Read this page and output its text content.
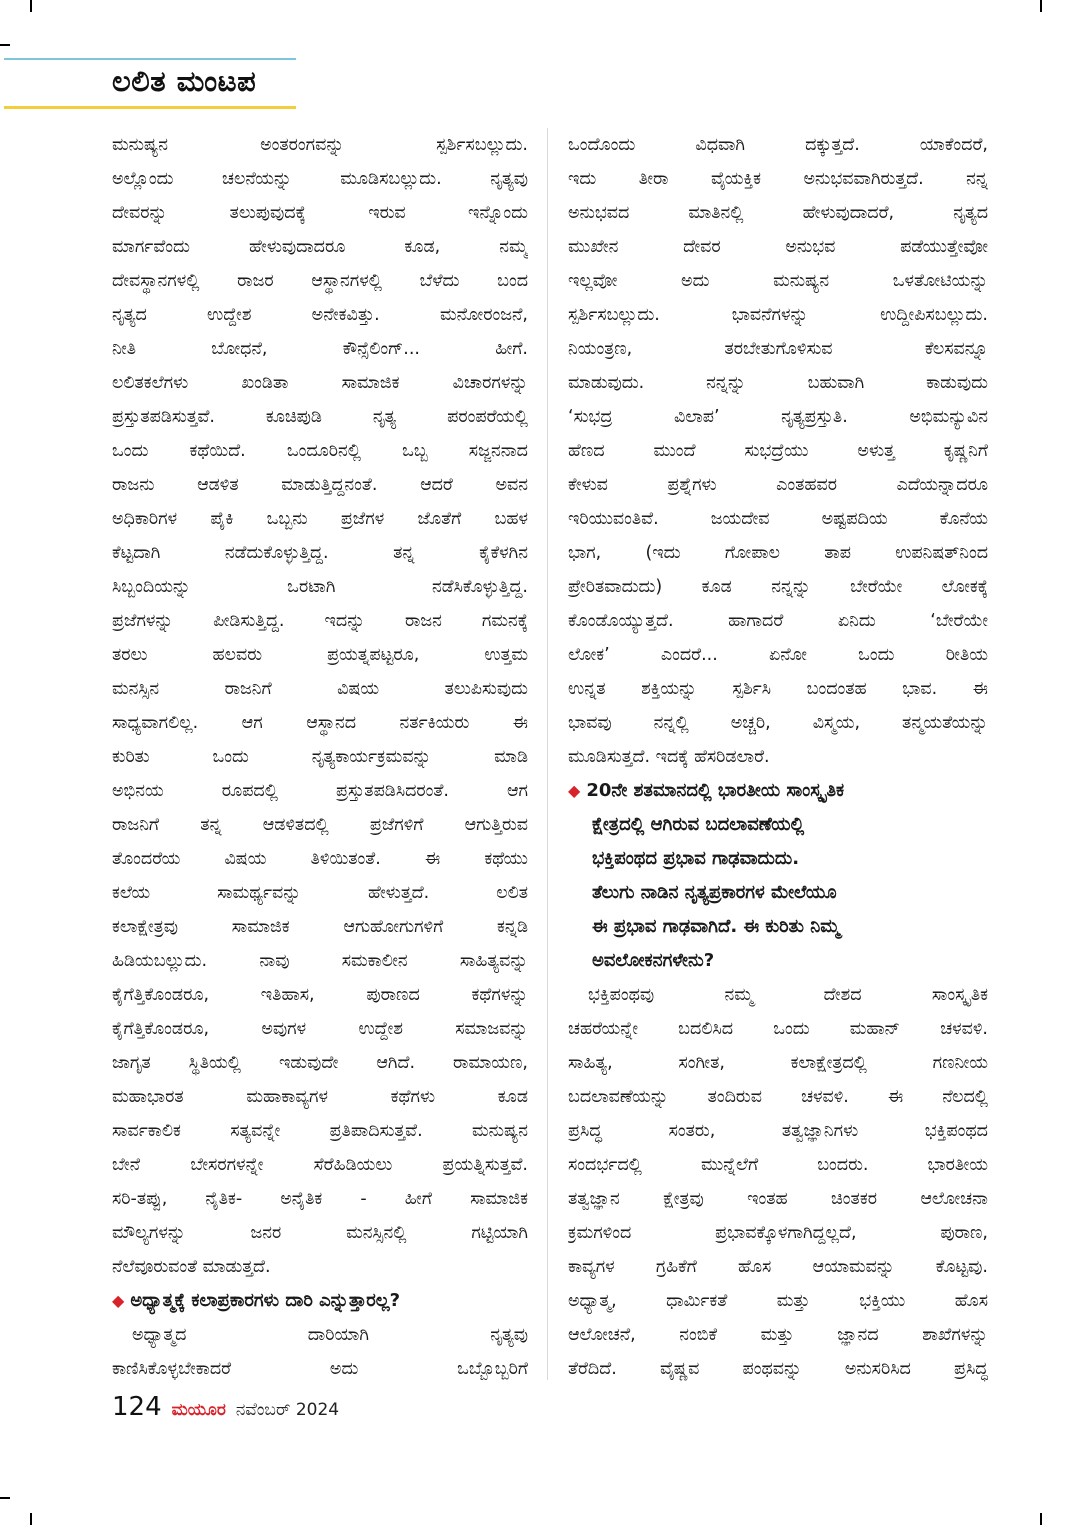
ಲಲಿತ ಮಂಟಪ

ಮನುಷ್ಯನ ಅಂತರಂಗವನ್ನು ಸ್ಪರ್ಶಿಸಬಲ್ಲುದು.

ಅಲ್ಲೊಂದು ಚಲನೆಯನ್ನು ಮೂಡಿಸಬಲ್ಲುದು. ನೃತ್ಯವು

ದೇವರನ್ನು ತಲುಪುವುದಕ್ಕೆ ಇರುವ ಇನ್ನೊಂದು

ಮಾರ್ಗವೆಂದು ಹೇಳುವುದಾದರೂ ಕೂಡ, ನಮ್ಮ

ದೇವಸ್ಥಾನಗಳಲ್ಲಿ ರಾಜರ ಆಸ್ಥಾನಗಳಲ್ಲಿ ಬೆಳೆದು ಬಂದ

ನೃತ್ಯದ ಉದ್ದೇಶ ಅನೇಕವಿತ್ತು. ಮನೋರಂಜನೆ,

ನೀತಿ ಬೋಧನೆ, ಕೌನ್ಸೆಲಿಂಗ್... ಹೀಗೆ.

ಲಲಿತಕಲೆಗಳು ಖಂಡಿತಾ ಸಾಮಾಜಿಕ ವಿಚಾರಗಳನ್ನು

ಪ್ರಸ್ತುತಪಡಿಸುತ್ತವೆ. ಕೂಚಿಪುಡಿ ನೃತ್ಯ ಪರಂಪರೆಯಲ್ಲಿ

ಒಂದು ಕಥೆಯಿದೆ. ಒಂದೂರಿನಲ್ಲಿ ಒಬ್ಬ ಸಜ್ಜನನಾದ

ರಾಜನು ಆಡಳಿತ ಮಾಡುತ್ತಿದ್ದನಂತೆ. ಆದರೆ ಅವನ

ಅಧಿಕಾರಿಗಳ ಪೈಕಿ ಒಬ್ಬನು ಪ್ರಜೆಗಳ ಜೊತೆಗೆ ಬಹಳ

ಕೆಟ್ಟದಾಗಿ ನಡೆದುಕೊಳ್ಳುತ್ತಿದ್ದ. ತನ್ನ ಕೈಕೆಳಗಿನ

ಸಿಬ್ಬಂದಿಯನ್ನು ಒರಟಾಗಿ ನಡೆಸಿಕೊಳ್ಳುತ್ತಿದ್ದ.

ಪ್ರಜೆಗಳನ್ನು ಪೀಡಿಸುತ್ತಿದ್ದ. ಇದನ್ನು ರಾಜನ ಗಮನಕ್ಕೆ

ತರಲು ಹಲವರು ಪ್ರಯತ್ನಪಟ್ಟರೂ, ಉತ್ತಮ

ಮನಸ್ಸಿನ ರಾಜನಿಗೆ ವಿಷಯ ತಲುಪಿಸುವುದು

ಸಾಧ್ಯವಾಗಲಿಲ್ಲ. ಆಗ ಆಸ್ಥಾನದ ನರ್ತಕಿಯರು ಈ

ಕುರಿತು ಒಂದು ನೃತ್ಯಕಾರ್ಯಕ್ರಮವನ್ನು ಮಾಡಿ

ಅಭಿನಯ ರೂಪದಲ್ಲಿ ಪ್ರಸ್ತುತಪಡಿಸಿದರಂತೆ. ಆಗ

ರಾಜನಿಗೆ ತನ್ನ ಆಡಳಿತದಲ್ಲಿ ಪ್ರಜೆಗಳಿಗೆ ಆಗುತ್ತಿರುವ

ತೊಂದರೆಯ ವಿಷಯ ತಿಳಿಯಿತಂತೆ. ಈ ಕಥೆಯು

ಕಲೆಯ ಸಾಮರ್ಥ್ಯವನ್ನು ಹೇಳುತ್ತದೆ. ಲಲಿತ

ಕಲಾಕ್ಷೇತ್ರವು ಸಾಮಾಜಿಕ ಆಗುಹೋಗುಗಳಿಗೆ ಕನ್ನಡಿ

ಹಿಡಿಯಬಲ್ಲುದು. ನಾವು ಸಮಕಾಲೀನ ಸಾಹಿತ್ಯವನ್ನು

ಕೈಗೆತ್ತಿಕೊಂಡರೂ, ಇತಿಹಾಸ, ಪುರಾಣದ ಕಥೆಗಳನ್ನು

ಕೈಗೆತ್ತಿಕೊಂಡರೂ, ಅವುಗಳ ಉದ್ದೇಶ ಸಮಾಜವನ್ನು

ಜಾಗೃತ ಸ್ಥಿತಿಯಲ್ಲಿ ಇಡುವುದೇ ಆಗಿದೆ. ರಾಮಾಯಣ,

ಮಹಾಭಾರತ ಮಹಾಕಾವ್ಯಗಳ ಕಥೆಗಳು ಕೂಡ

ಸಾರ್ವಕಾಲಿಕ ಸತ್ಯವನ್ನೇ ಪ್ರತಿಪಾದಿಸುತ್ತವೆ. ಮನುಷ್ಯನ

ಬೇನೆ ಬೇಸರಗಳನ್ನೇ ಸೆರೆಹಿಡಿಯಲು ಪ್ರಯತ್ನಿಸುತ್ತವೆ.

ಸರಿ-ತಪ್ಪು, ನೈತಿಕ- ಅನೈತಿಕ - ಹೀಗೆ ಸಾಮಾಜಿಕ

ಮೌಲ್ಯಗಳನ್ನು ಜನರ ಮನಸ್ಸಿನಲ್ಲಿ ಗಟ್ಟಿಯಾಗಿ

ನೆಲೆವೂರುವಂತೆ ಮಾಡುತ್ತದೆ.

◆ ಅಧ್ಯಾತ್ಮಕ್ಕೆ ಕಲಾಪ್ರಕಾರಗಳು ದಾರಿ ಎನ್ನುತ್ತಾರಲ್ಲ?

ಅಧ್ಯಾತ್ಮದ ದಾರಿಯಾಗಿ ನೃತ್ಯವು

ಕಾಣಿಸಿಕೊಳ್ಳಬೇಕಾದರೆ ಅದು ಒಬ್ಬೊಬ್ಬರಿಗೆ

ಒಂದೊಂದು ವಿಧವಾಗಿ ದಕ್ಕುತ್ತದೆ. ಯಾಕೆಂದರೆ,

ಇದು ತೀರಾ ವೈಯಕ್ತಿಕ ಅನುಭವವಾಗಿರುತ್ತದೆ. ನನ್ನ

ಅನುಭವದ ಮಾತಿನಲ್ಲಿ ಹೇಳುವುದಾದರೆ, ನೃತ್ಯದ

ಮುಖೇನ ದೇವರ ಅನುಭವ ಪಡೆಯುತ್ತೇವೋ

ಇಲ್ಲವೋ ಅದು ಮನುಷ್ಯನ ಒಳತೋಟಿಯನ್ನು

ಸ್ಪರ್ಶಿಸಬಲ್ಲುದು. ಭಾವನೆಗಳನ್ನು ಉದ್ದೀಪಿಸಬಲ್ಲುದು.

ನಿಯಂತ್ರಣ, ತರಬೇತುಗೊಳಿಸುವ ಕೆಲಸವನ್ನೂ

ಮಾಡುವುದು. ನನ್ನನ್ನು ಬಹುವಾಗಿ ಕಾಡುವುದು

‘ಸುಭದ್ರ ವಿಲಾಪ’ ನೃತ್ಯಪ್ರಸ್ತುತಿ. ಅಭಿಮನ್ಯುವಿನ

ಹೆಣದ ಮುಂದೆ ಸುಭದ್ರೆಯು ಅಳುತ್ತ ಕೃಷ್ಣನಿಗೆ

ಕೇಳುವ ಪ್ರಶ್ನೆಗಳು ಎಂತಹವರ ಎದೆಯನ್ನಾದರೂ

ಇರಿಯುವಂತಿವೆ. ಜಯದೇವ ಅಷ್ಟಪದಿಯ ಕೊನೆಯ

ಭಾಗ, (ಇದು ಗೋಪಾಲ ತಾಪ ಉಪನಿಷತ್‌ನಿಂದ

ಪ್ರೇರಿತವಾದುದು) ಕೂಡ ನನ್ನನ್ನು ಬೇರೆಯೇ ಲೋಕಕ್ಕೆ

ಕೊಂಡೊಯ್ಯುತ್ತದೆ. ಹಾಗಾದರೆ ಏನಿದು ‘ಬೇರೆಯೇ

ಲೋಕ’ ಎಂದರೆ... ಏನೋ ಒಂದು ರೀತಿಯ

ಉನ್ನತ ಶಕ್ತಿಯನ್ನು ಸ್ಪರ್ಶಿಸಿ ಬಂದಂತಹ ಭಾವ. ಈ

ಭಾವವು ನನ್ನಲ್ಲಿ ಅಚ್ಚರಿ, ವಿಸ್ಮಯ, ತನ್ಮಯತೆಯನ್ನು

ಮೂಡಿಸುತ್ತದೆ. ಇದಕ್ಕೆ ಹೆಸರಿಡಲಾರೆ.

◆ 20ನೇ ಶತಮಾನದಲ್ಲಿ ಭಾರತೀಯ ಸಾಂಸ್ಕೃತಿಕ

ಕ್ಷೇತ್ರದಲ್ಲಿ ಆಗಿರುವ ಬದಲಾವಣೆಯಲ್ಲಿ

ಭಕ್ತಿಪಂಥದ ಪ್ರಭಾವ ಗಾಢವಾದುದು.

ತೆಲುಗು ನಾಡಿನ ನೃತ್ಯಪ್ರಕಾರಗಳ ಮೇಲೆಯೂ

ಈ ಪ್ರಭಾವ ಗಾಢವಾಗಿದೆ. ಈ ಕುರಿತು ನಿಮ್ಮ

ಅವಲೋಕನಗಳೇನು?

ಭಕ್ತಿಪಂಥವು ನಮ್ಮ ದೇಶದ ಸಾಂಸ್ಕೃತಿಕ

ಚಹರೆಯನ್ನೇ ಬದಲಿಸಿದ ಒಂದು ಮಹಾನ್ ಚಳವಳಿ.

ಸಾಹಿತ್ಯ, ಸಂಗೀತ, ಕಲಾಕ್ಷೇತ್ರದಲ್ಲಿ ಗಣನೀಯ

ಬದಲಾವಣೆಯನ್ನು ತಂದಿರುವ ಚಳವಳಿ. ಈ ನೆಲದಲ್ಲಿ

ಪ್ರಸಿದ್ಧ ಸಂತರು, ತತ್ವಜ್ಞಾನಿಗಳು ಭಕ್ತಿಪಂಥದ

ಸಂದರ್ಭದಲ್ಲಿ ಮುನ್ನೆಲೆಗೆ ಬಂದರು. ಭಾರತೀಯ

ತತ್ವಜ್ಞಾನ ಕ್ಷೇತ್ರವು ಇಂತಹ ಚಿಂತಕರ ಆಲೋಚನಾ

ಕ್ರಮಗಳಿಂದ ಪ್ರಭಾವಕ್ಕೊಳಗಾಗಿದ್ದಲ್ಲದೆ, ಪುರಾಣ,

ಕಾವ್ಯಗಳ ಗ್ರಹಿಕೆಗೆ ಹೊಸ ಆಯಾಮವನ್ನು ಕೊಟ್ಟವು.

ಅಧ್ಯಾತ್ಮ, ಧಾರ್ಮಿಕತೆ ಮತ್ತು ಭಕ್ತಿಯು ಹೊಸ

ಆಲೋಚನೆ, ನಂಬಿಕೆ ಮತ್ತು ಜ್ಞಾನದ ಶಾಖೆಗಳನ್ನು

ತೆರೆದಿದೆ. ವೈಷ್ಣವ ಪಂಥವನ್ನು ಅನುಸರಿಸಿದ ಪ್ರಸಿದ್ಧ

124 ಮಯೂರ ನವೆಂಬರ್ 2024
